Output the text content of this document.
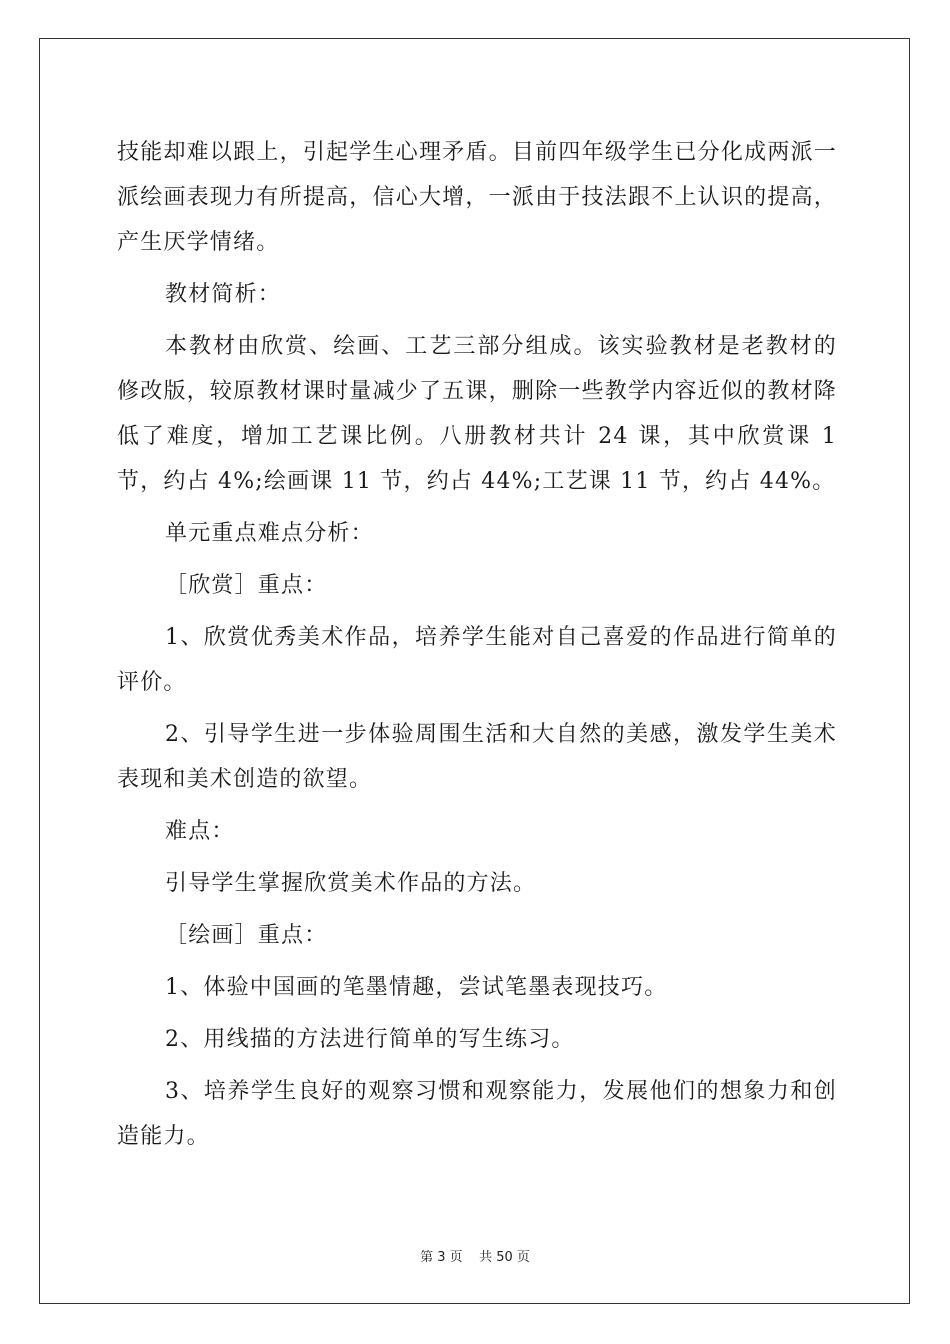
技能却难以跟上，引起学生心理矛盾。目前四年级学生已分化成两派一派绘画表现力有所提高，信心大增，一派由于技法跟不上认识的提高，产生厌学情绪。

教材简析：

本教材由欣赏、绘画、工艺三部分组成。该实验教材是老教材的修改版，较原教材课时量减少了五课，删除一些教学内容近似的教材降低了难度，增加工艺课比例。八册教材共计 24 课，其中欣赏课 1 节，约占 4%;绘画课 11 节，约占 44%;工艺课 11 节，约占 44%。

单元重点难点分析：

［欣赏］重点：

1、欣赏优秀美术作品，培养学生能对自己喜爱的作品进行简单的评价。

2、引导学生进一步体验周围生活和大自然的美感，激发学生美术表现和美术创造的欲望。

难点：

引导学生掌握欣赏美术作品的方法。

［绘画］重点：

1、体验中国画的笔墨情趣，尝试笔墨表现技巧。

2、用线描的方法进行简单的写生练习。

3、培养学生良好的观察习惯和观察能力，发展他们的想象力和创造能力。

第 3 页    共 50 页
